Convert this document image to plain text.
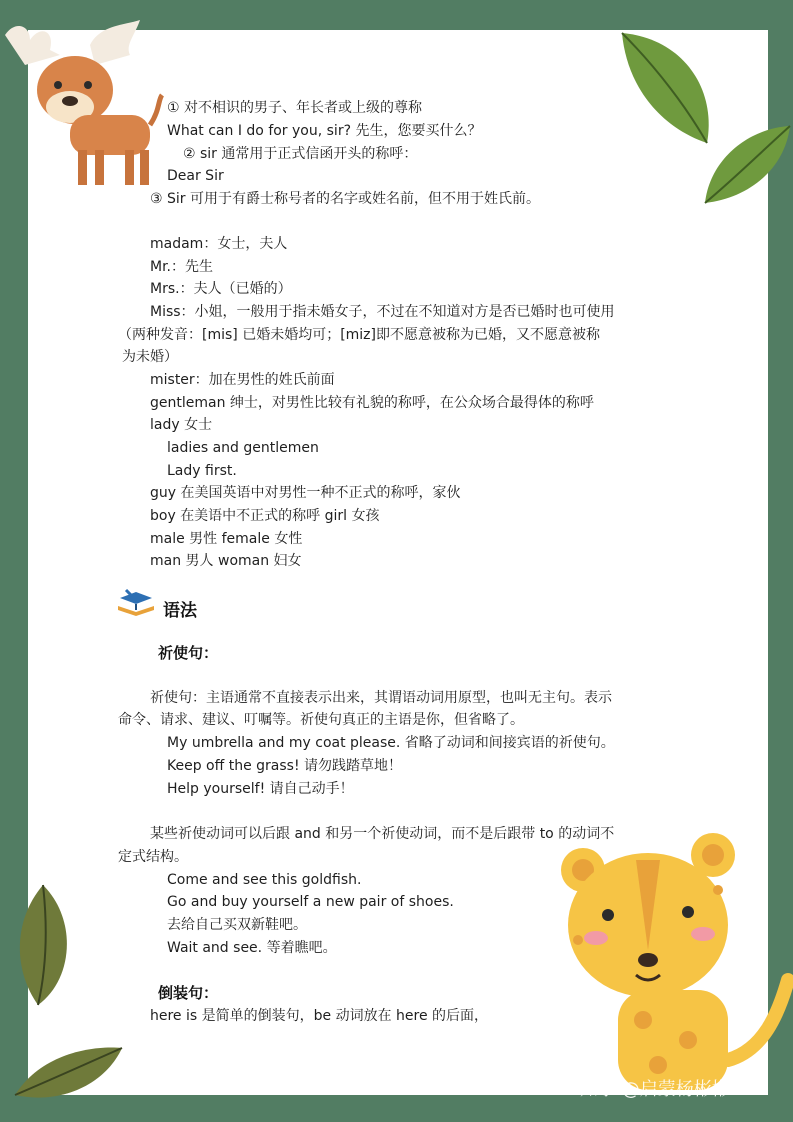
① 对不相识的男子、年长者或上级的尊称
What can I do for you, sir? 先生，您要买什么？
② sir 通常用于正式信函开头的称呼：
Dear Sir
③ Sir 可用于有爵士称号者的名字或姓名前，但不用于姓氏前。
madam：女士，夫人
Mr.：先生
Mrs.：夫人（已婚的）
Miss：小姐，一般用于指未婚女子，不过在不知道对方是否已婚时也可使用
（两种发音：[mis] 已婚未婚均可；[miz]即不愿意被称为已婚，又不愿意被称
为未婚）
mister：加在男性的姓氏前面
gentleman 绅士，对男性比较有礼貌的称呼，在公众场合最得体的称呼
lady 女士
ladies and gentlemen
Lady first.
guy 在美国英语中对男性一种不正式的称呼，家伙
boy 在美语中不正式的称呼 girl 女孩
male 男性 female 女性
man 男人 woman 妇女
语法
祈使句：
祈使句：主语通常不直接表示出来，其谓语动词用原型，也叫无主句。表示
命令、请求、建议、叮嘱等。祈使句真正的主语是你，但省略了。
My umbrella and my coat please. 省略了动词和间接宾语的祈使句。
Keep off the grass! 请勿践踏草地！
Help yourself! 请自己动手！
某些祈使动词可以后跟 and 和另一个祈使动词，而不是后跟带 to 的动词不
定式结构。
Come and see this goldfish.
Go and buy yourself a new pair of shoes.
去给自己买双新鞋吧。
Wait and see. 等着瞧吧。
倒装句：
here is 是简单的倒装句，be 动词放在 here 的后面，
知乎 @启蒙杨彬彬
